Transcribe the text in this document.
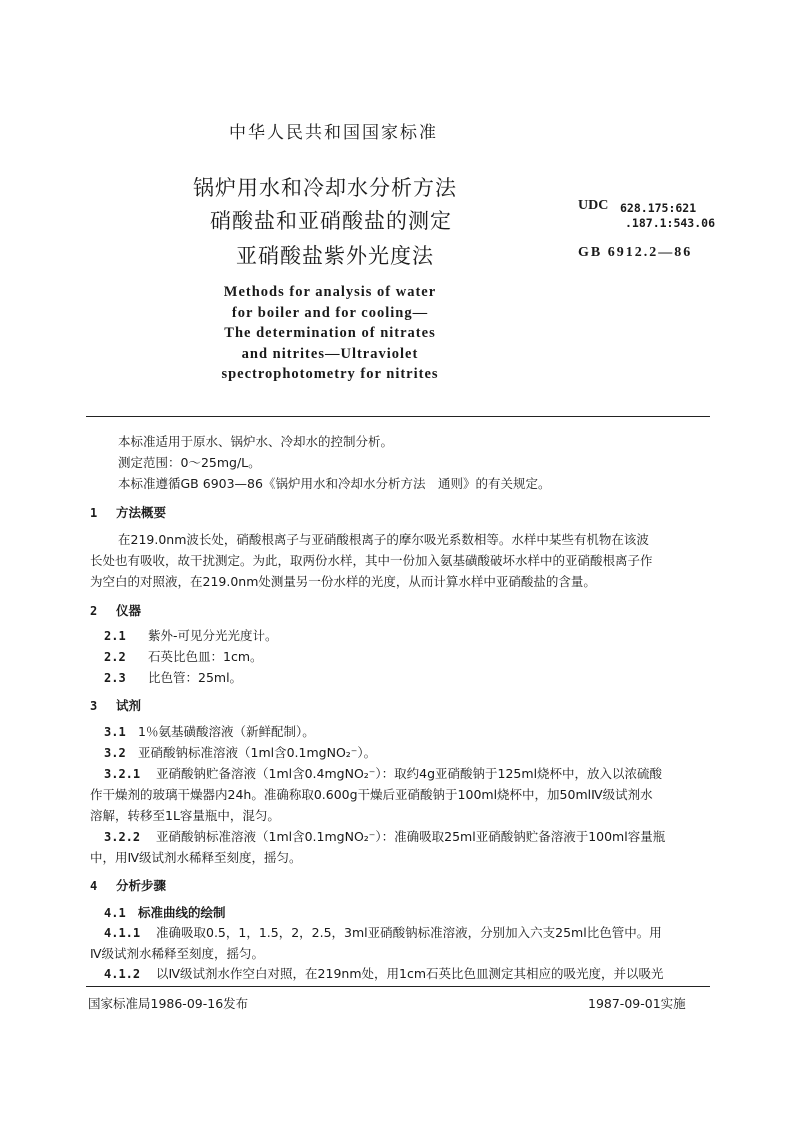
中华人民共和国国家标准
锅炉用水和冷却水分析方法
硝酸盐和亚硝酸盐的测定
亚硝酸盐紫外光度法
UDC 628.175:621
.187.1:543.06
GB 6912.2—86
Methods for analysis of water
for boiler and for cooling—
The determination of nitrates
and nitrites—Ultraviolet
spectrophotometry for nitrites
本标准适用于原水、锅炉水、冷却水的控制分析。
测定范围：0～25mg/L。
本标准遵循GB 6903—86《锅炉用水和冷却水分析方法　通则》的有关规定。
1 方法概要
在219.0nm波长处，硝酸根离子与亚硝酸根离子的摩尔吸光系数相等。水样中某些有机物在该波
长处也有吸收，故干扰测定。为此，取两份水样，其中一份加入氨基磺酸破坏水样中的亚硝酸根离子作
为空白的对照液，在219.0nm处测量另一份水样的光度，从而计算水样中亚硝酸盐的含量。
2 仪器
2.1 紫外-可见分光光度计。
2.2 石英比色皿：1cm。
2.3 比色管：25ml。
3 试剂
3.1 1％氨基磺酸溶液（新鲜配制）。
3.2 亚硝酸钠标准溶液（1ml含0.1mgNO₂⁻）。
3.2.1 亚硝酸钠贮备溶液（1ml含0.4mgNO₂⁻）：取约4g亚硝酸钠于125ml烧杯中，放入以浓硫酸
作干燥剂的玻璃干燥器内24h。准确称取0.600g干燥后亚硝酸钠于100ml烧杯中，加50mlⅣ级试剂水
溶解，转移至1L容量瓶中，混匀。
3.2.2 亚硝酸钠标准溶液（1ml含0.1mgNO₂⁻）：准确吸取25ml亚硝酸钠贮备溶液于100ml容量瓶
中，用Ⅳ级试剂水稀释至刻度，摇匀。
4 分析步骤
4.1 标准曲线的绘制
4.1.1 准确吸取0.5，1，1.5，2，2.5，3ml亚硝酸钠标准溶液，分别加入六支25ml比色管中。用
Ⅳ级试剂水稀释至刻度，摇匀。
4.1.2 以Ⅳ级试剂水作空白对照，在219nm处，用1cm石英比色皿测定其相应的吸光度，并以吸光
国家标准局1986-09-16发布	1987-09-01实施
